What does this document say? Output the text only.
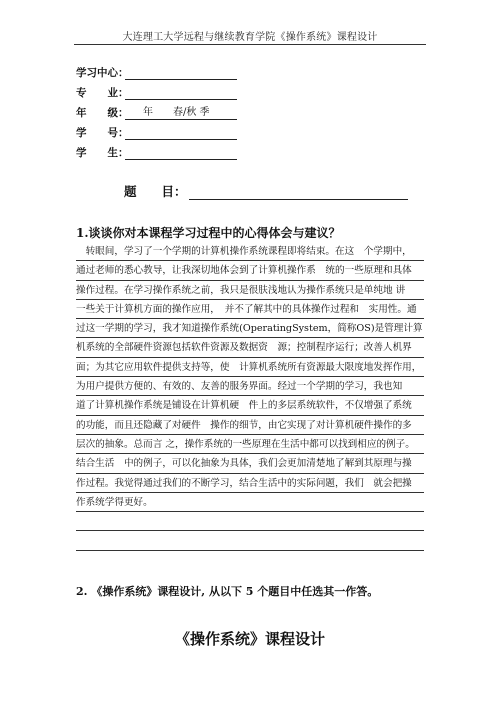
大连理工大学远程与继续教育学院《操作系统》课程设计
学习中心：
专　　业：
年　　级： 年　　春/秋 季
学　　号：
学　　生：
题　　目：
1.谈谈你对本课程学习过程中的心得体会与建议？
　转眼间，学习了一个学期的计算机操作系统课程即将结束。在这　个学期中，
通过老师的悉心教导，让我深切地体会到了计算机操作系　统的一些原理和具体
操作过程。在学习操作系统之前，我只是很肤浅地认为操作系统只是单纯地 讲
一些关于计算机方面的操作应用，　并不了解其中的具体操作过程和　实用性。通
过这一学期的学习，我才知道操作系统(OperatingSystem，简称OS)是管理计算
机系统的全部硬件资源包括软件资源及数据资　源；控制程序运行；改善人机界
面；为其它应用软件提供支持等，使　计算机系统所有资源最大限度地发挥作用，
为用户提供方便的、有效的、友善的服务界面。经过一个学期的学习，我也知
道了计算机操作系统是铺设在计算机硬　件上的多层系统软件，不仅增强了系统
的功能，而且还隐藏了对硬件　操作的细节，由它实现了对计算机硬件操作的多
层次的抽象。总而言 之，操作系统的一些原理在生活中都可以找到相应的例子。
结合生活　中的例子，可以化抽象为具体，我们会更加清楚地了解到其原理与操
作过程。我觉得通过我们的不断学习，结合生活中的实际问题，我们　就会把操
作系统学得更好。
2. 《操作系统》课程设计, 从以下 5 个题目中任选其一作答。
《操作系统》课程设计
